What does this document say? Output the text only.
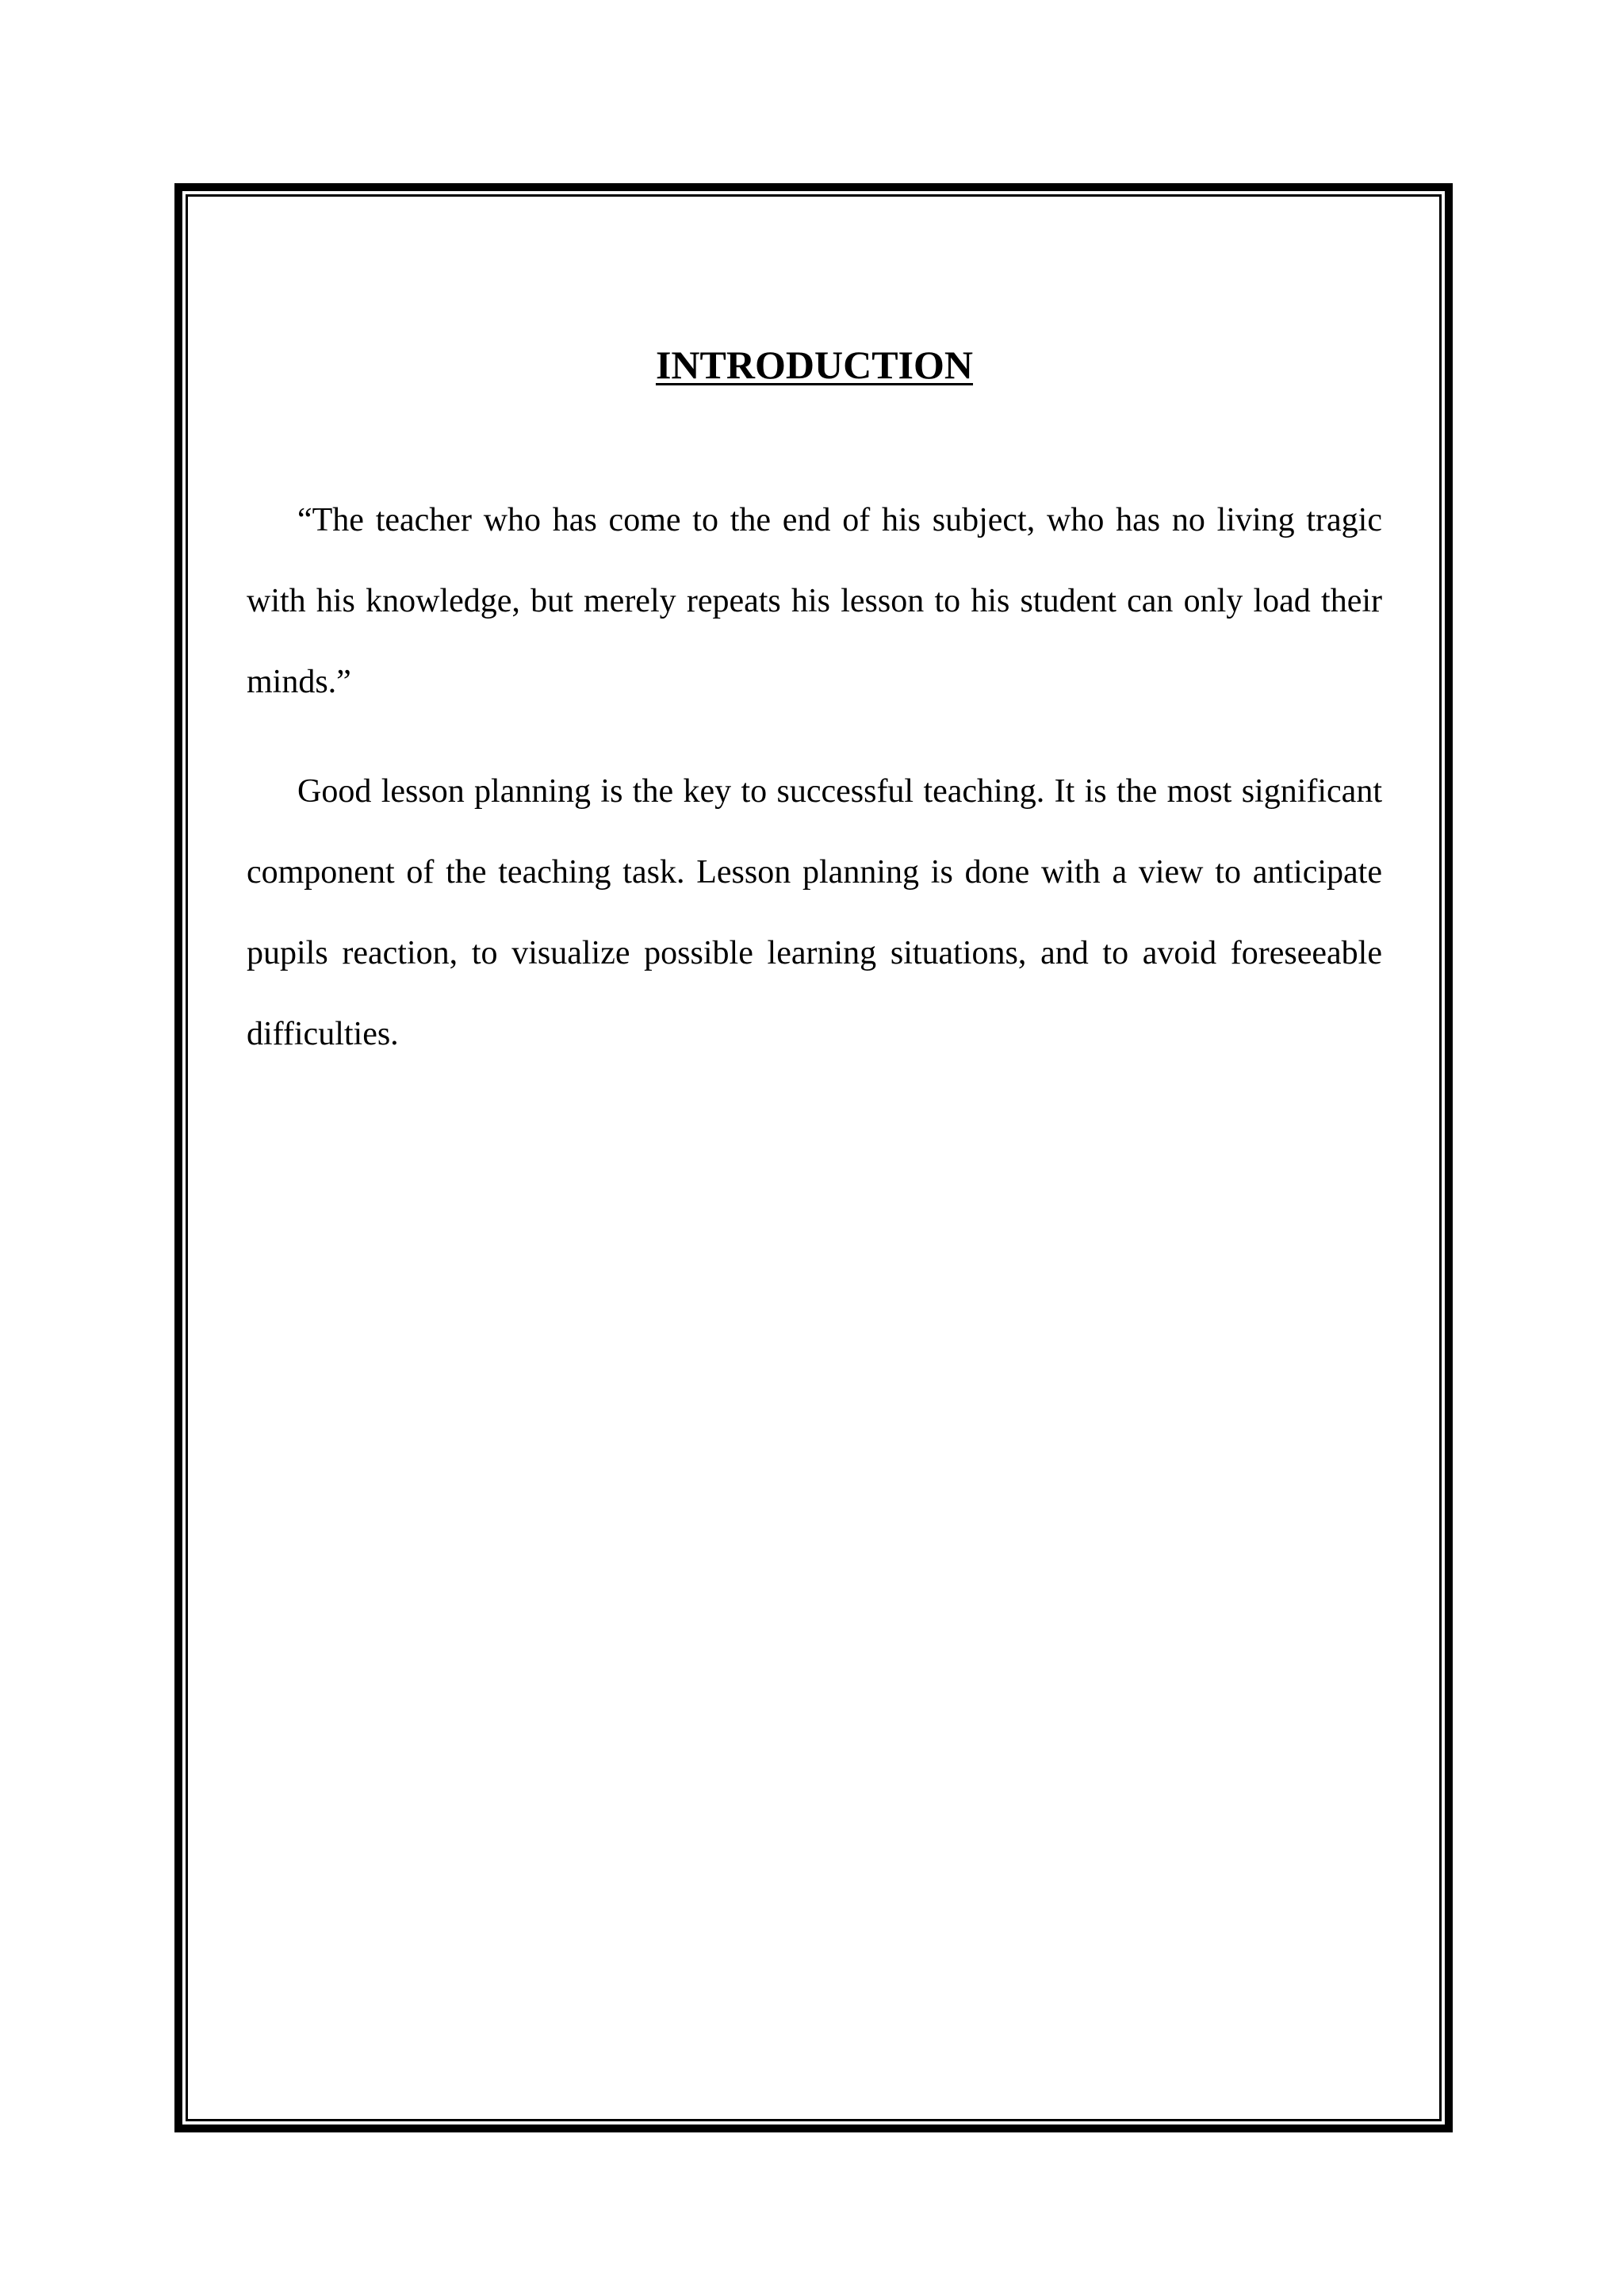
INTRODUCTION

“The teacher who has come to the end of his subject, who has no living tragic with his knowledge, but merely repeats his lesson to his student can only load their minds.”

Good lesson planning is the key to successful teaching. It is the most significant component of the teaching task. Lesson planning is done with a view to anticipate pupils reaction, to visualize possible learning situations, and to avoid foreseeable difficulties.
